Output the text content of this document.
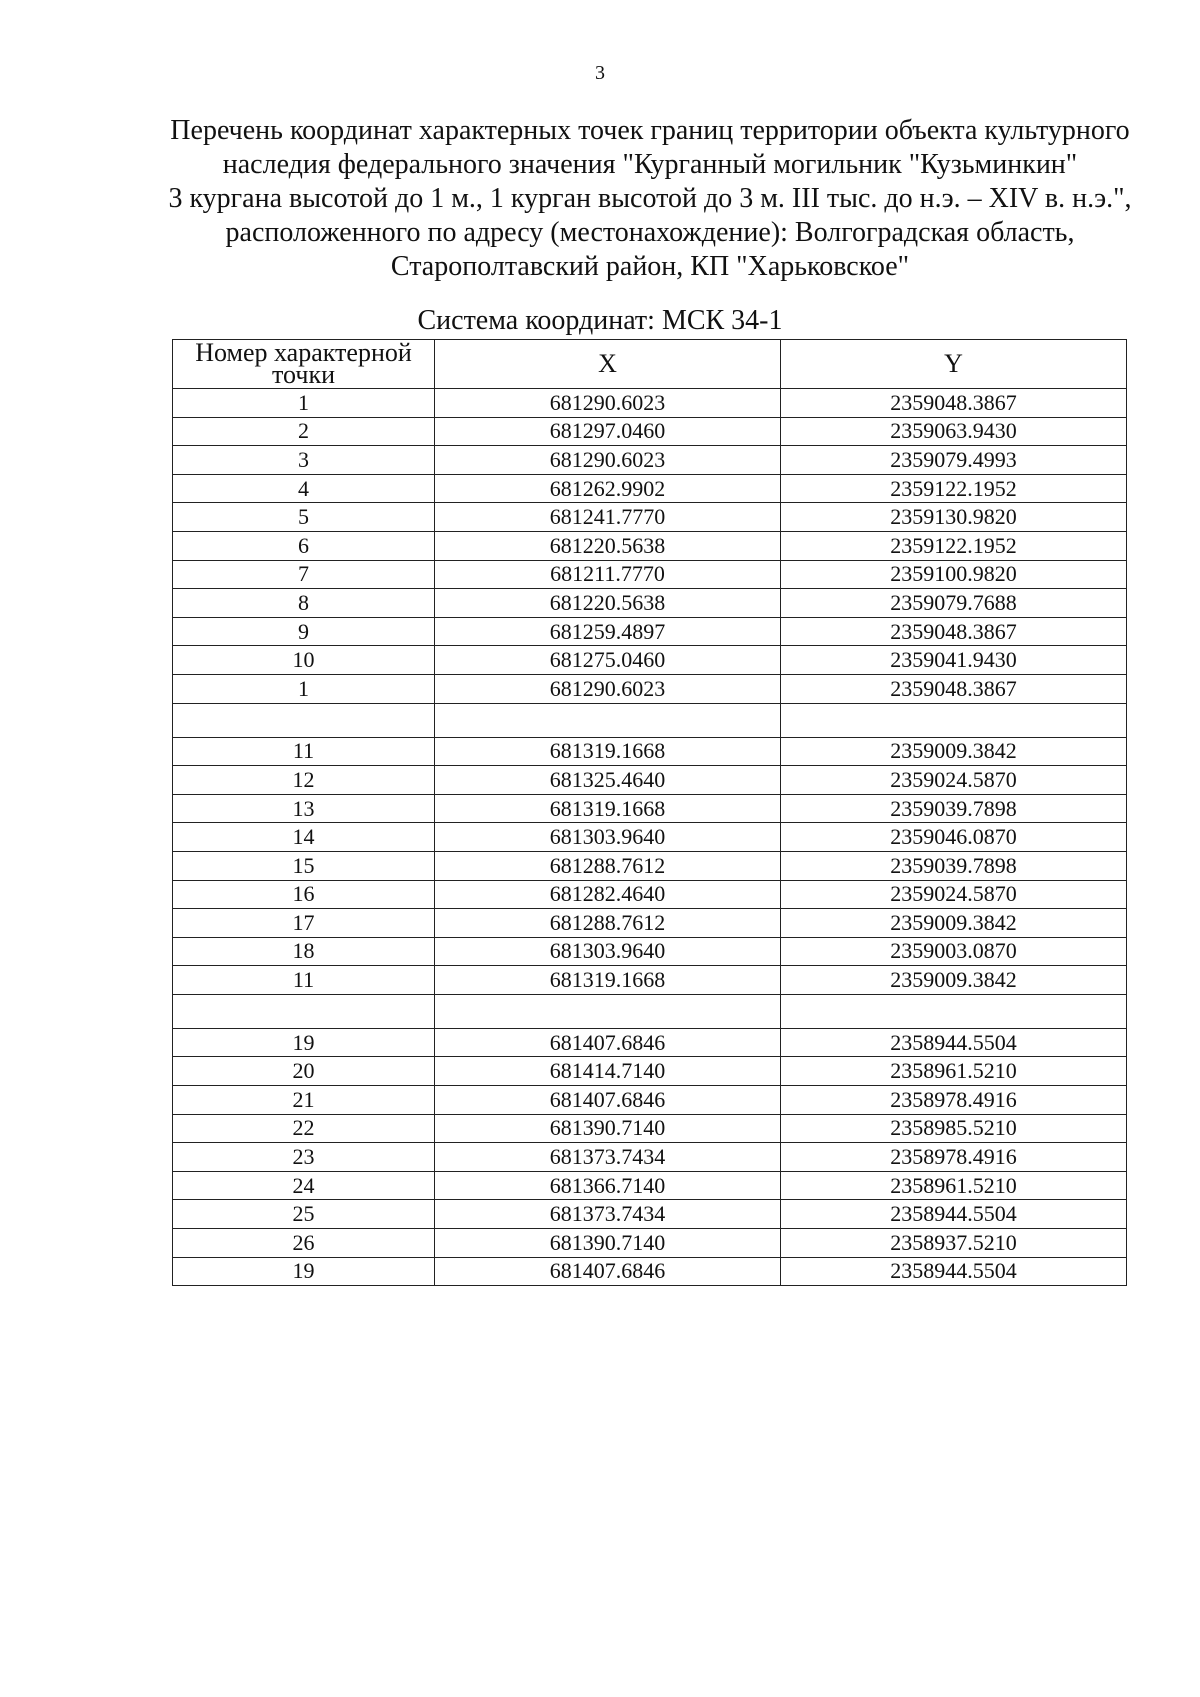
3
Перечень координат характерных точек границ территории объекта культурного
наследия федерального значения "Курганный могильник "Кузьминкин"
3 кургана высотой до 1 м., 1 курган высотой до 3 м. III тыс. до н.э. – XIV в. н.э.",
расположенного по адресу (местонахождение): Волгоградская область,
Старополтавский район, КП "Харьковское"
Система координат: МСК 34-1
Номер характерной точки	X	Y
1	681290.6023	2359048.3867
2	681297.0460	2359063.9430
3	681290.6023	2359079.4993
4	681262.9902	2359122.1952
5	681241.7770	2359130.9820
6	681220.5638	2359122.1952
7	681211.7770	2359100.9820
8	681220.5638	2359079.7688
9	681259.4897	2359048.3867
10	681275.0460	2359041.9430
1	681290.6023	2359048.3867

11	681319.1668	2359009.3842
12	681325.4640	2359024.5870
13	681319.1668	2359039.7898
14	681303.9640	2359046.0870
15	681288.7612	2359039.7898
16	681282.4640	2359024.5870
17	681288.7612	2359009.3842
18	681303.9640	2359003.0870
11	681319.1668	2359009.3842

19	681407.6846	2358944.5504
20	681414.7140	2358961.5210
21	681407.6846	2358978.4916
22	681390.7140	2358985.5210
23	681373.7434	2358978.4916
24	681366.7140	2358961.5210
25	681373.7434	2358944.5504
26	681390.7140	2358937.5210
19	681407.6846	2358944.5504
